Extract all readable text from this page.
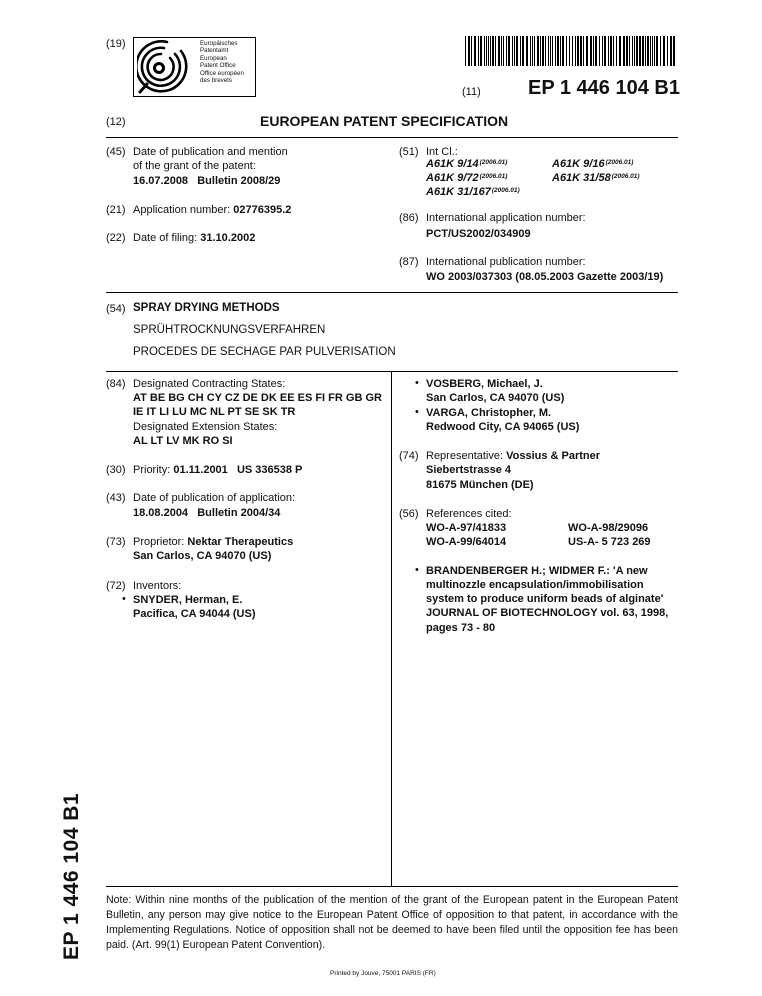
(19)	Europäisches
Patentamt
European
Patent Office
Office européen
des brevets
(11) EP 1 446 104 B1
(12)	EUROPEAN PATENT SPECIFICATION
(45) Date of publication and mention
of the grant of the patent:
16.07.2008   Bulletin 2008/29
(21) Application number: 02776395.2
(22) Date of filing: 31.10.2002
(51) Int Cl.:
A61K $9/14^{(2006.01)}$	A61K $9/16^{(2006.01)}$
A61K $9/72^{(2006.01)}$	A61K $31/58^{(2006.01)}$
A61K $31/167^{(2006.01)}$
(86) International application number:
PCT/US2002/034909
(87) International publication number:
WO 2003/037303 (08.05.2003 Gazette 2003/19)
(54) SPRAY DRYING METHODS
SPRÜHTROCKNUNGSVERFAHREN
PROCEDES DE SECHAGE PAR PULVERISATION
(84) Designated Contracting States:
AT BE BG CH CY CZ DE DK EE ES FI FR GB GR
IE IT LI LU MC NL PT SE SK TR
Designated Extension States:
AL LT LV MK RO SI
(30) Priority: 01.11.2001   US 336538 P
(43) Date of publication of application:
18.08.2004   Bulletin 2004/34
(73) Proprietor: Nektar Therapeutics
San Carlos, CA 94070 (US)
(72) Inventors:
• SNYDER, Herman, E.
Pacifica, CA 94044 (US)
• VOSBERG, Michael, J.
San Carlos, CA 94070 (US)
• VARGA, Christopher, M.
Redwood City, CA 94065 (US)
(74) Representative: Vossius & Partner
Siebertstrasse 4
81675 München (DE)
(56) References cited:
WO-A-97/41833	WO-A-98/29096
WO-A-99/64014	US-A- 5 723 269
• BRANDENBERGER H.; WIDMER F.: 'A new
multinozzle encapsulation/immobilisation
system to produce uniform beads of alginate'
JOURNAL OF BIOTECHNOLOGY vol. 63, 1998,
pages 73 - 80
EP 1 446 104 B1 Note: Within nine months of the publication of the mention of the grant of the European patent in the European Patent Bulletin, any person may give notice to the European Patent Office of opposition to that patent, in accordance with the Implementing Regulations. Notice of opposition shall not be deemed to have been filed until the opposition fee has been paid. (Art. 99(1) European Patent Convention).
Printed by Jouve, 75001 PARIS (FR)
